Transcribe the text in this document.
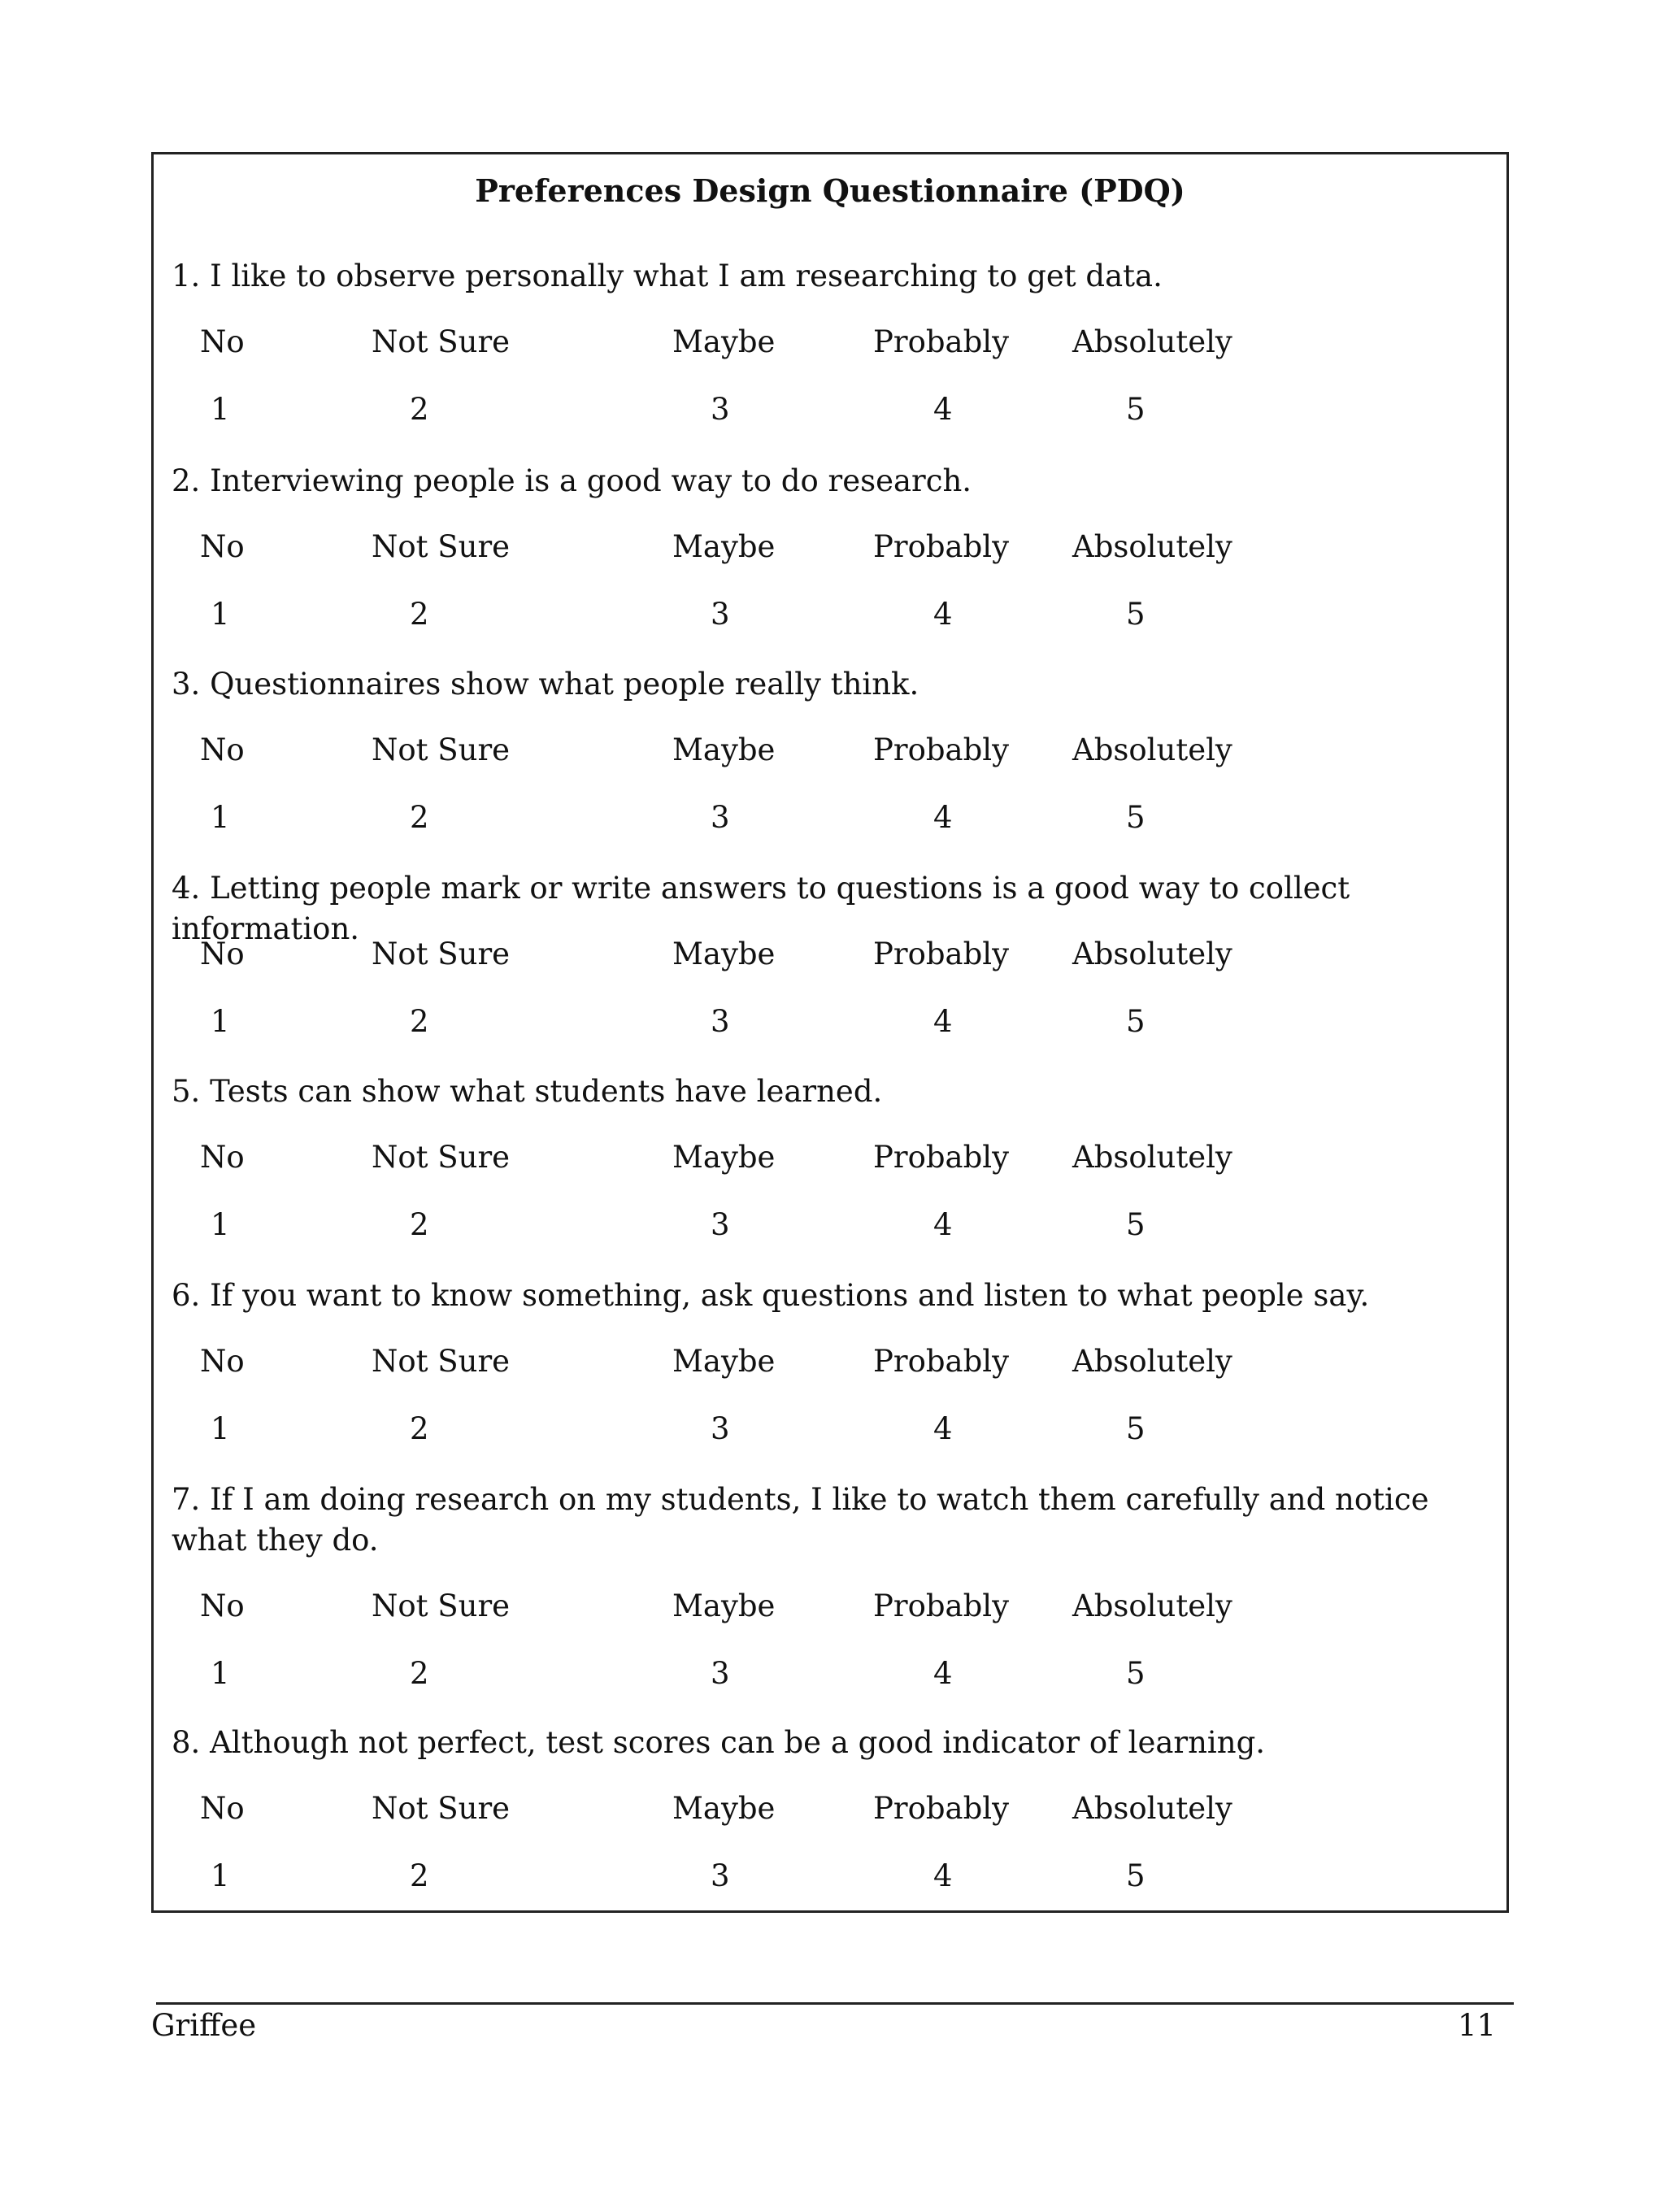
Preferences Design Questionnaire (PDQ)
1. I like to observe personally what I am researching to get data.
No	Not Sure	Maybe	Probably Absolutely
1	2	3	4	5
2. Interviewing people is a good way to do research.
No	Not Sure	Maybe	Probably Absolutely
1	2	3	4	5
3. Questionnaires show what people really think.
No	Not Sure	Maybe	Probably Absolutely
1	2	3	4	5
4. Letting people mark or write answers to questions is a good way to collect information.
No	Not Sure	Maybe	Probably Absolutely
1	2	3	4	5
5. Tests can show what students have learned.
No	Not Sure	Maybe	Probably Absolutely
1	2	3	4	5
6. If you want to know something, ask questions and listen to what people say.
No	Not Sure	Maybe	Probably Absolutely
1	2	3	4	5
7. If I am doing research on my students, I like to watch them carefully and notice what they do.
No	Not Sure	Maybe	Probably Absolutely
1	2	3	4	5
8. Although not perfect, test scores can be a good indicator of learning.
No	Not Sure	Maybe	Probably Absolutely
1	2	3	4	5
Griffee	11
